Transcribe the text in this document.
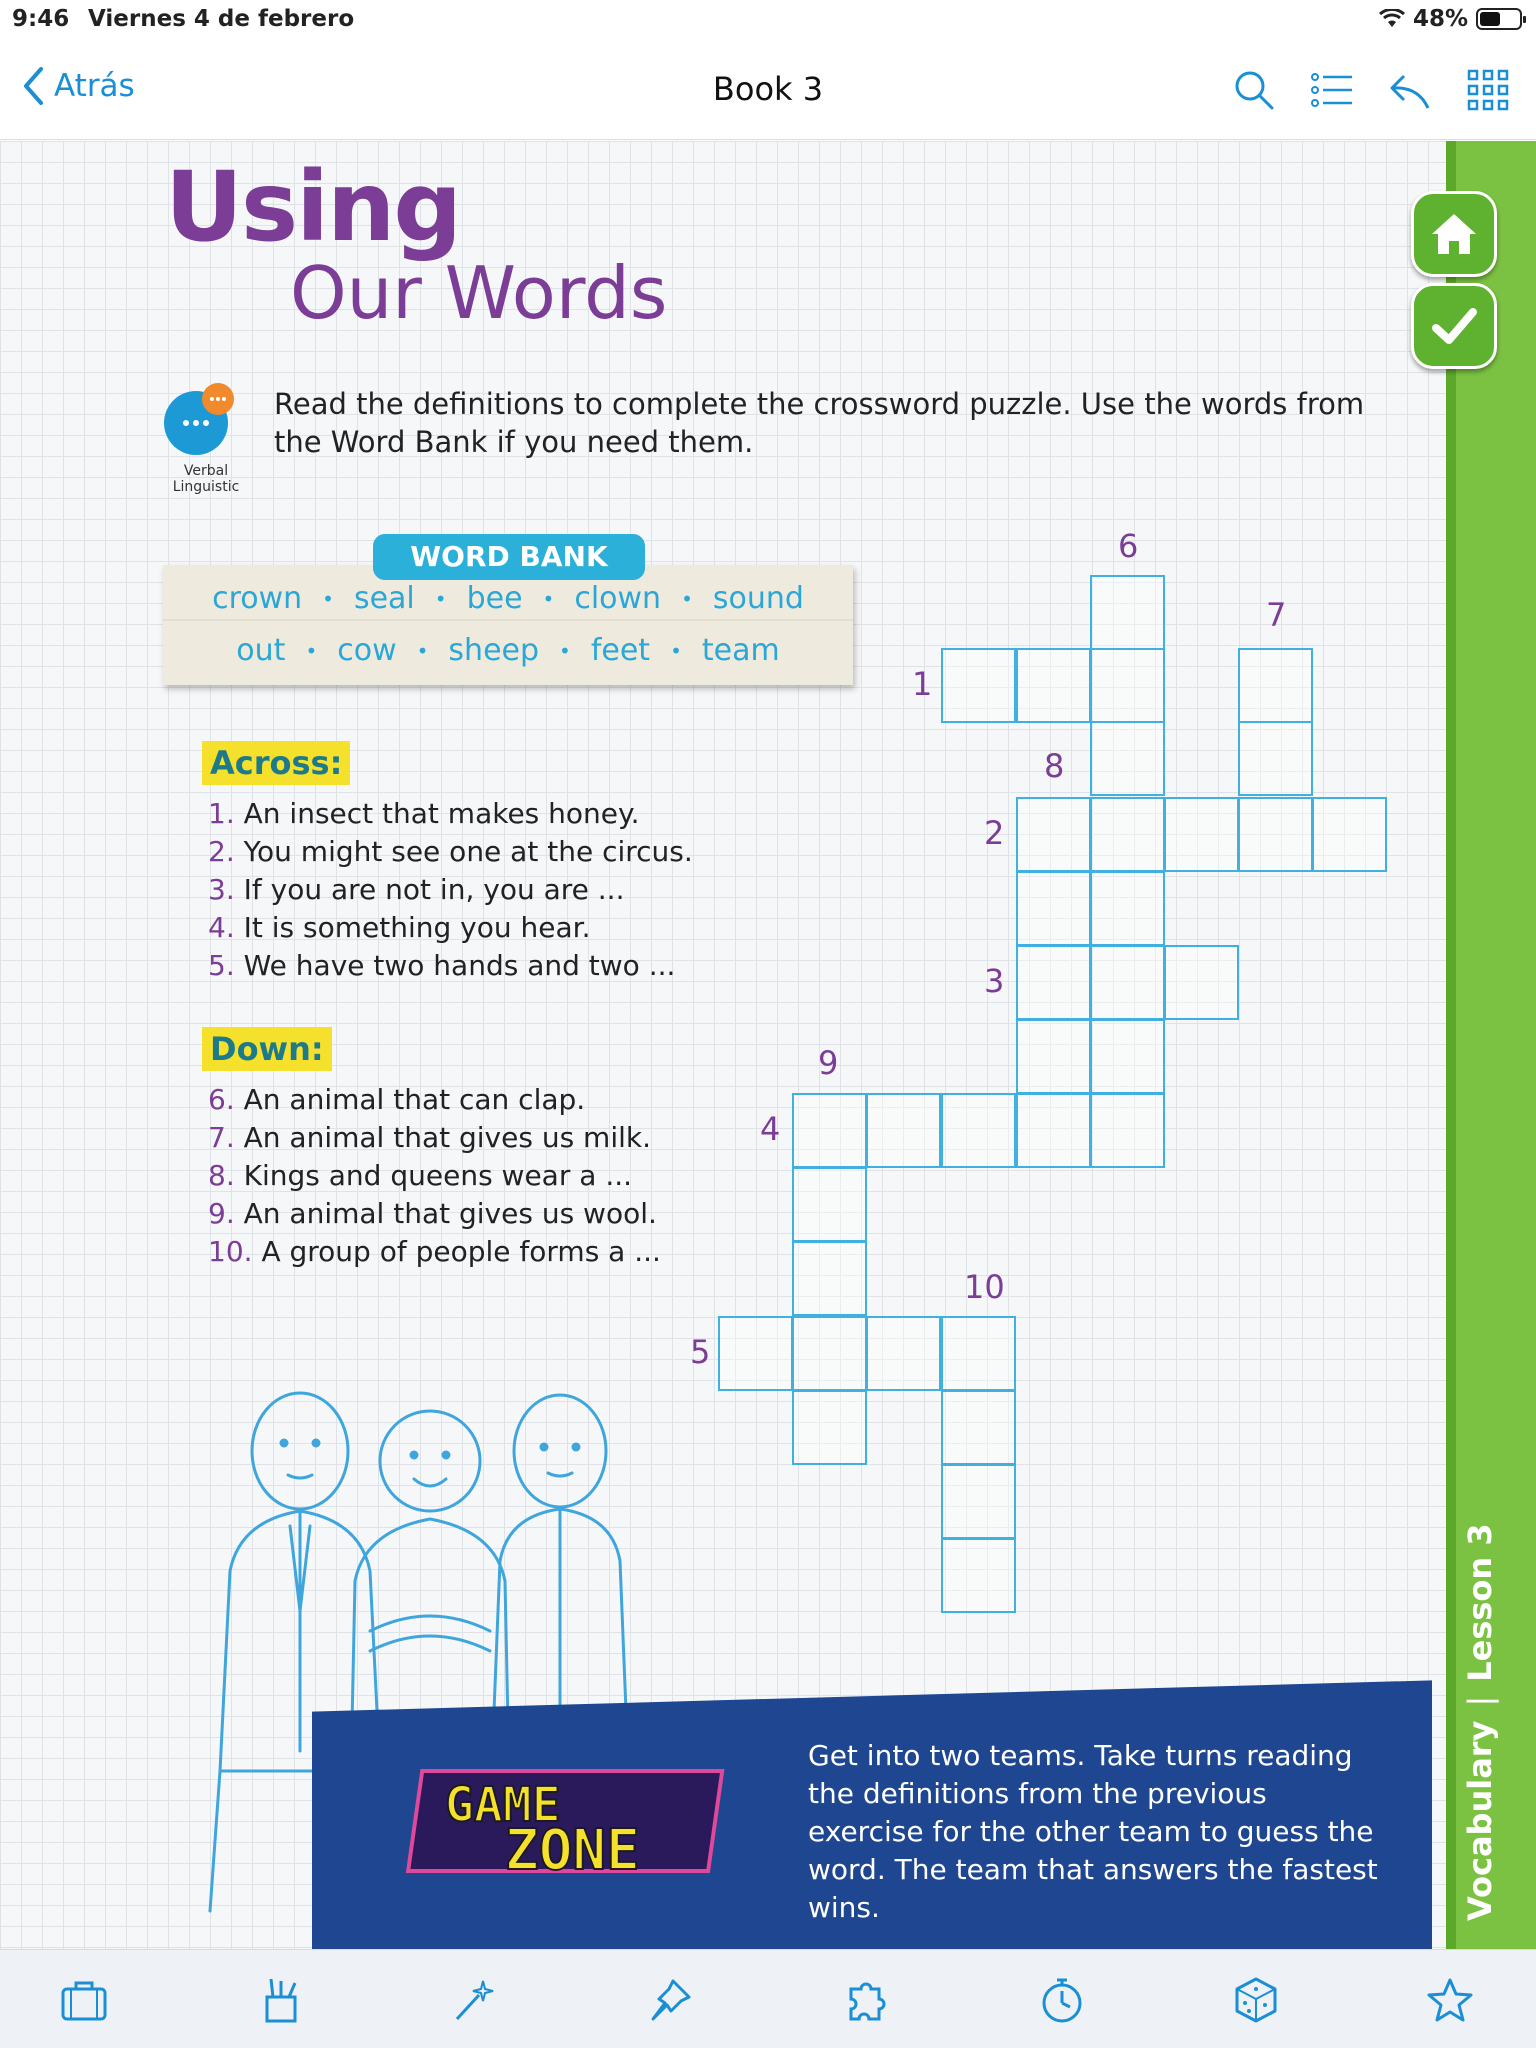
9:46 Viernes 4 de febrero	48%
Atrás	Book 3
Using
Our Words
Verbal
Linguistic
Read the definitions to complete the crossword puzzle. Use the words from the Word Bank if you need them.
WORD BANK
crown • seal • bee • clown • sound
out • cow • sheep • feet • team
Across:
1. An insect that makes honey.
2. You might see one at the circus.
3. If you are not in, you are ...
4. It is something you hear.
5. We have two hands and two ...
Down:
6. An animal that can clap.
7. An animal that gives us milk.
8. Kings and queens wear a ...
9. An animal that gives us wool.
10. A group of people forms a ...
1
2
3
4
5
6
7
8
9
10
GAME
ZONE
Get into two teams. Take turns reading the definitions from the previous exercise for the other team to guess the word. The team that answers the fastest wins.	Vocabulary|Lesson 3
